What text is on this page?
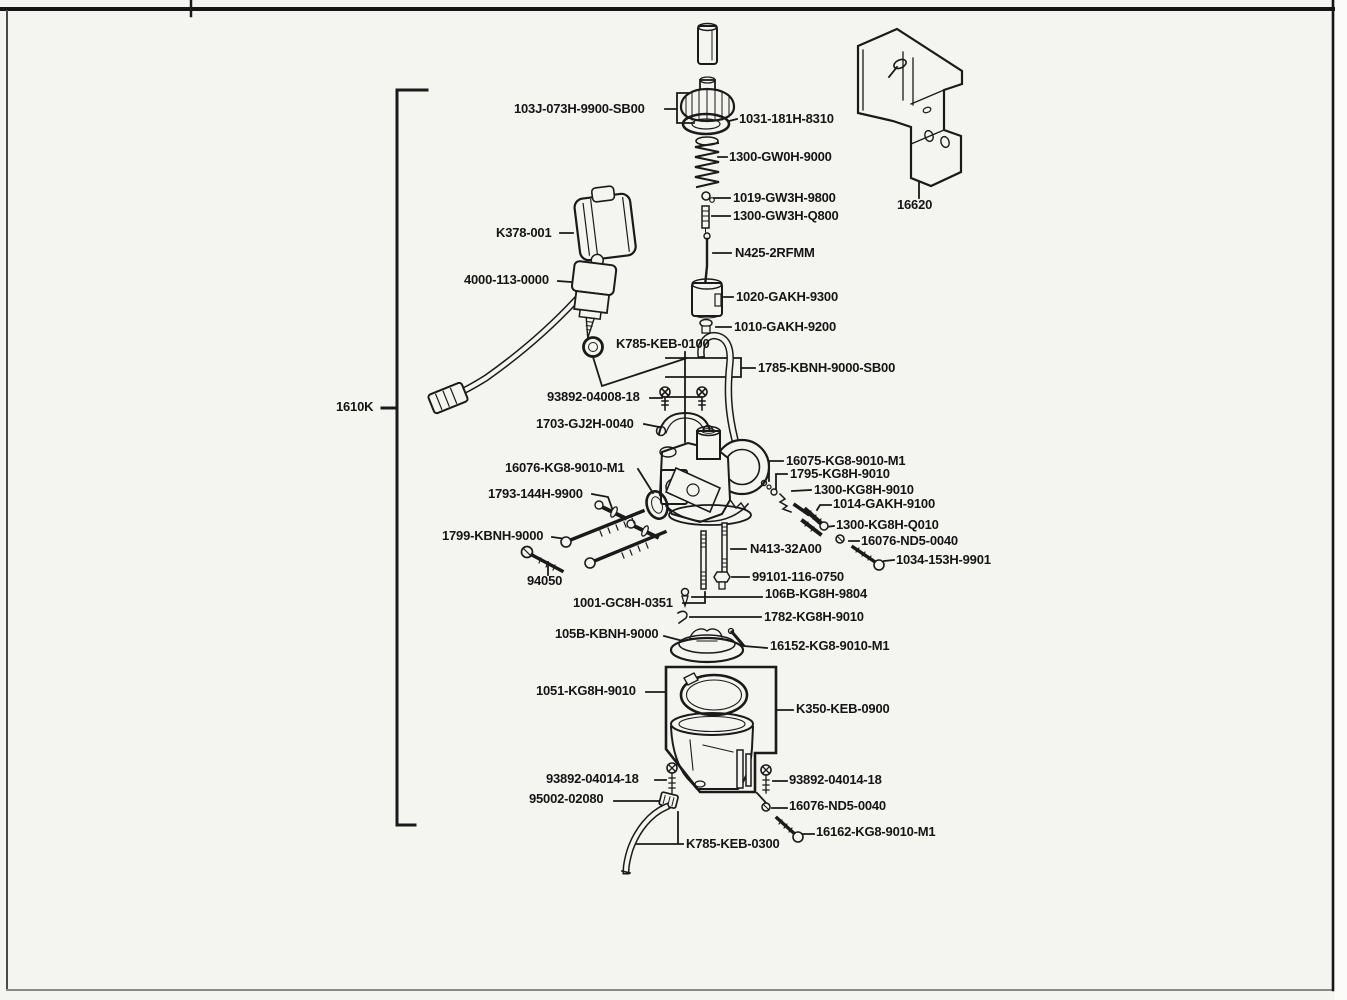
103J-073H-9900-SB00
1031-181H-8310
1300-GW0H-9000
1019-GW3H-9800
1300-GW3H-Q800
K378-001
N425-2RFMM
4000-113-0000
1020-GAKH-9300
1010-GAKH-9200
K785-KEB-0100
1785-KBNH-9000-SB00
93892-04008-18
1703-GJ2H-0040
16076-KG8-9010-M1	16075-KG8-9010-M1
1795-KG8H-9010
1300-KG8H-9010
1014-GAKH-9100
1793-144H-9900
1300-KG8H-Q010
1799-KBNH-9000	16076-ND5-0040
N413-32A00
1034-153H-9901
94050	99101-116-0750
106B-KG8H-9804
1001-GC8H-0351
1782-KG8H-9010
105B-KBNH-9000
16152-KG8-9010-M1
1051-KG8H-9010
K350-KEB-0900
93892-04014-18	93892-04014-18
95002-02080	16076-ND5-0040
16162-KG8-9010-M1
K785-KEB-0300
16620
1610K
